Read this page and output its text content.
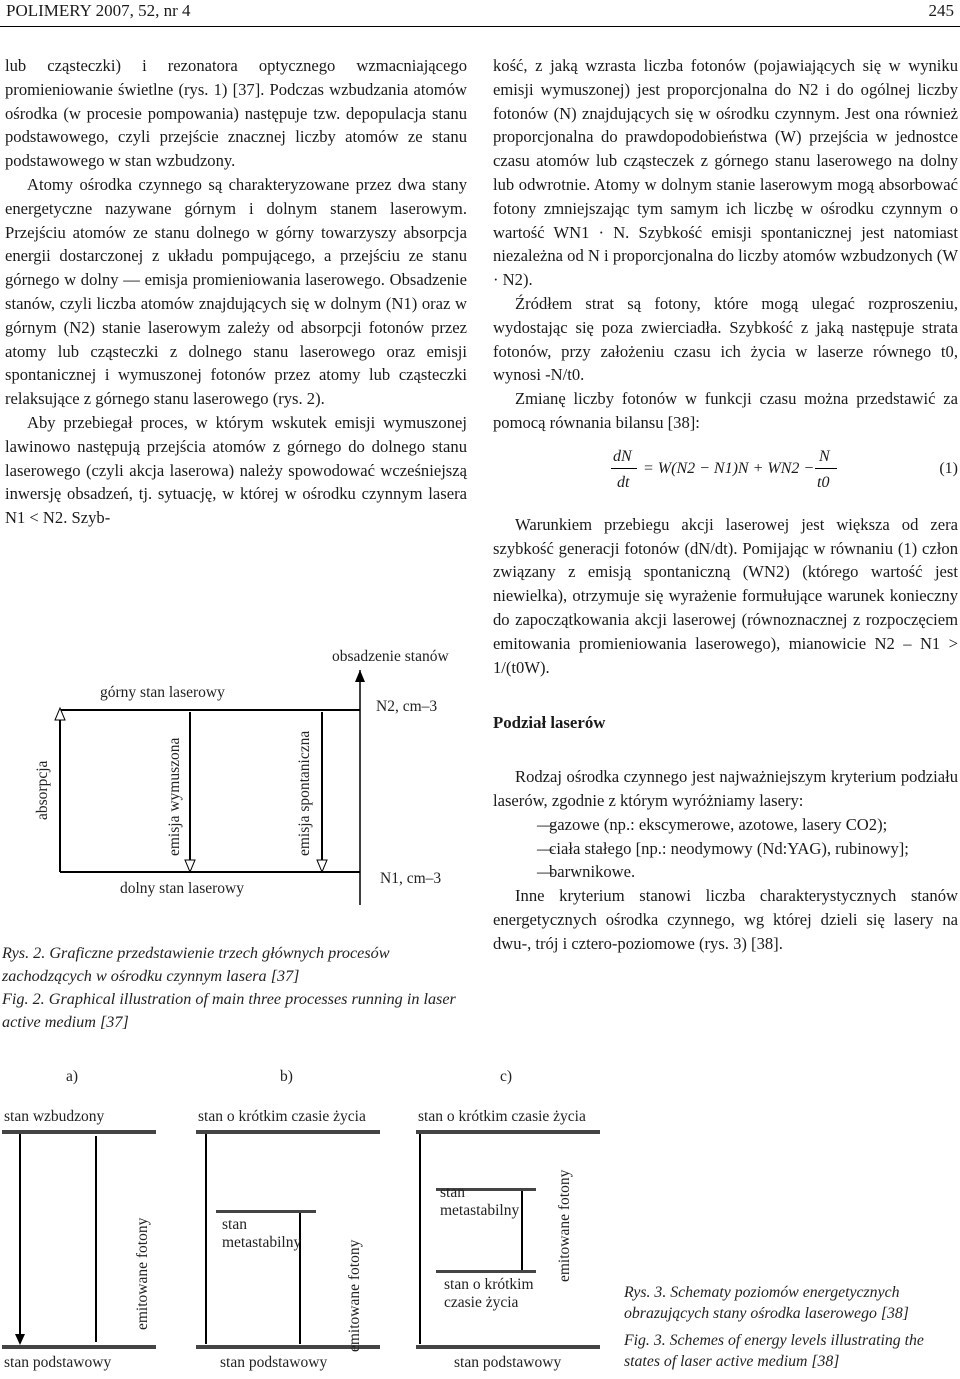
POLIMERY 2007, 52, nr 4	245

lub cząsteczki) i rezonatora optycznego wzmacniającego promieniowanie świetlne (rys. 1) [37]. Podczas wzbudzania atomów ośrodka (w procesie pompowania) następuje tzw. depopulacja stanu podstawowego, czyli przejście znacznej liczby atomów ze stanu podstawowego w stan wzbudzony.

Atomy ośrodka czynnego są charakteryzowane przez dwa stany energetyczne nazywane górnym i dolnym stanem laserowym. Przejściu atomów ze stanu dolnego w górny towarzyszy absorpcja energii dostarczonej z układu pompującego, a przejściu ze stanu górnego w dolny — emisja promieniowania laserowego. Obsadzenie stanów, czyli liczba atomów znajdujących się w dolnym (N1) oraz w górnym (N2) stanie laserowym zależy od absorpcji fotonów przez atomy lub cząsteczki z dolnego stanu laserowego oraz emisji spontanicznej i wymuszonej fotonów przez atomy lub cząsteczki relaksujące z górnego stanu laserowego (rys. 2).

Aby przebiegał proces, w którym wskutek emisji wymuszonej lawinowo następują przejścia atomów z górnego do dolnego stanu laserowego (czyli akcja laserowa) należy spowodować wcześniejszą inwersję obsadzeń, tj. sytuację, w której w ośrodku czynnym lasera N1 < N2. Szyb-

kość, z jaką wzrasta liczba fotonów (pojawiających się w wyniku emisji wymuszonej) jest proporcjonalna do N2 i do ogólnej liczby fotonów (N) znajdujących się w ośrodku czynnym. Jest ona również proporcjonalna do prawdopodobieństwa (W) przejścia w jednostce czasu atomów lub cząsteczek z górnego stanu laserowego na dolny lub odwrotnie. Atomy w dolnym stanie laserowym mogą absorbować fotony zmniejszając tym samym ich liczbę w ośrodku czynnym o wartość WN1 · N. Szybkość emisji spontanicznej jest natomiast niezależna od N i proporcjonalna do liczby atomów wzbudzonych (W · N2).

Źródłem strat są fotony, które mogą ulegać rozproszeniu, wydostając się poza zwierciadła. Szybkość z jaką następuje strata fotonów, przy założeniu czasu ich życia w laserze równego t0, wynosi -N/t0.

Zmianę liczby fotonów w funkcji czasu można przedstawić za pomocą równania bilansu [38]:

dN
dt
= W(N2 − N1)N + WN2 −
N
t0
(1)

Warunkiem przebiegu akcji laserowej jest większa od zera szybkość generacji fotonów (dN/dt). Pomijając w równaniu (1) człon związany z emisją spontaniczną (WN2) (którego wartość jest niewielka), otrzymuje się wyrażenie formułujące warunek konieczny do zapoczątkowania akcji laserowej (równoznacznej z rozpoczęciem emitowania promieniowania laserowego), mianowicie N2 – N1 > 1/(t0W).

Podział laserów

Rodzaj ośrodka czynnego jest najważniejszym kryterium podziału laserów, zgodnie z którym wyróżniamy lasery:

—gazowe (np.: ekscymerowe, azotowe, lasery CO2);

—ciała stałego [np.: neodymowy (Nd:YAG), rubinowy];

—barwnikowe.

Inne kryterium stanowi liczba charakterystycznych stanów energetycznych ośrodka czynnego, wg której dzieli się lasery na dwu-, trój i cztero-poziomowe (rys. 3) [38].

obsadzenie stanów
górny stan laserowy
dolny stan laserowy
N2, cm–3
N1, cm–3
absorpcja	emisja wymuszona	emisja spontaniczna
Rys. 2. Graficzne przedstawienie trzech głównych procesów zachodzących w ośrodku czynnym lasera [37]
Fig. 2. Graphical illustration of main three processes running in laser active medium [37]
a)	b)	c)
stan wzbudzony
stan podstawowy
stan o krótkim czasie życia
stan metastabilny
stan podstawowy
stan o krótkim czasie życia
stan metastabilny
stan o krótkim czasie życia
stan podstawowy
emitowane fotony	emitowane fotony
emitowane fotony
Rys. 3. Schematy poziomów energetycznych obrazujących stany ośrodka laserowego [38]
Fig. 3. Schemes of energy levels illustrating the states of laser active medium [38]
